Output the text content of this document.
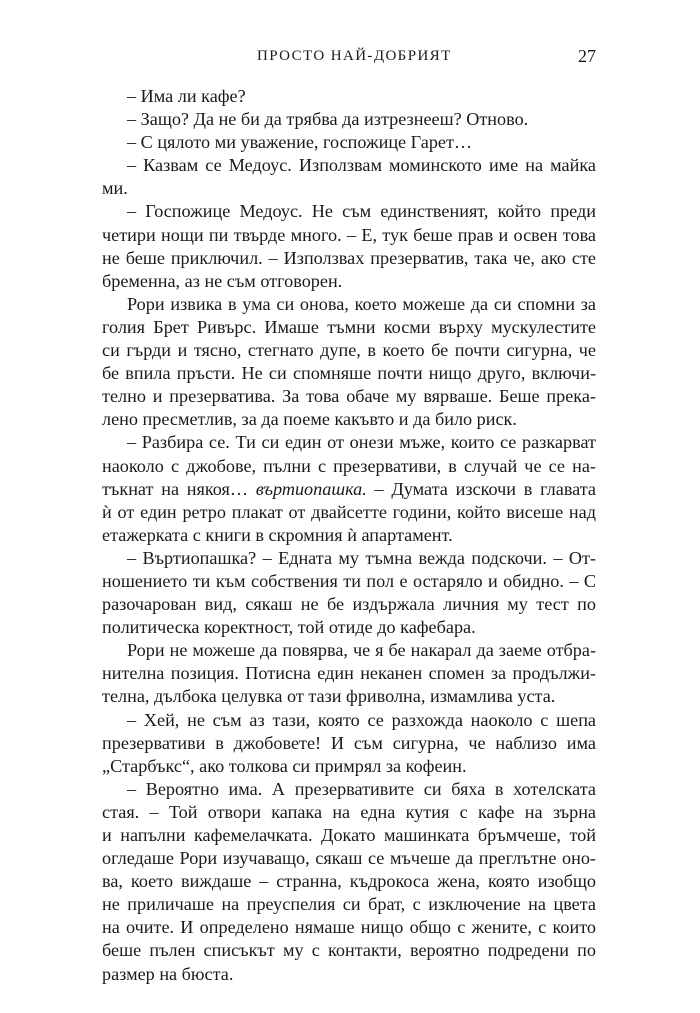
ПРОСТО НАЙ-ДОБРИЯТ	27
– Има ли кафе?
– Защо? Да не би да трябва да изтрезнееш? Отново.
– С цялото ми уважение, госпожице Гарет…
– Казвам се Медоус. Използвам моминското име на майка
ми.
– Госпожице Медоус. Не съм единственият, който преди
четири нощи пи твърде много. – Е, тук беше прав и освен това
не беше приключил. – Използвах презерватив, така че, ако сте
бременна, аз не съм отговорен.
Рори извика в ума си онова, което можеше да си спомни за
голия Брет Ривърс. Имаше тъмни косми върху мускулестите
си гърди и тясно, стегнато дупе, в което бе почти сигурна, че
бе впила пръсти. Не си спомняше почти нищо друго, включи-
телно и презерватива. За това обаче му вярваше. Беше прека-
лено пресметлив, за да поеме какъвто и да било риск.
– Разбира се. Ти си един от онези мъже, които се разкарват
наоколо с джобове, пълни с презервативи, в случай че се на-
тъкнат на някоя… въртиопашка. – Думата изскочи в главата
ѝ от един ретро плакат от двайсетте години, който висеше над
етажерката с книги в скромния ѝ апартамент.
– Въртиопашка? – Едната му тъмна вежда подскочи. – От-
ношението ти към собствения ти пол е остаряло и обидно. – С
разочарован вид, сякаш не бе издържала личния му тест по
политическа коректност, той отиде до кафебара.
Рори не можеше да повярва, че я бе накарал да заеме отбра-
нителна позиция. Потисна един неканен спомен за продължи-
телна, дълбока целувка от тази фриволна, измамлива уста.
– Хей, не съм аз тази, която се разхожда наоколо с шепа
презервативи в джобовете! И съм сигурна, че наблизо има
„Старбъкс“, ако толкова си примрял за кофеин.
– Вероятно има. А презервативите си бяха в хотелската
стая. – Той отвори капака на една кутия с кафе на зърна
и напълни кафемелачката. Докато машинката бръмчеше, той
огледаше Рори изучаващо, сякаш се мъчеше да преглътне оно-
ва, което виждаше – странна, къдрокоса жена, която изобщо
не приличаше на преуспелия си брат, с изключение на цвета
на очите. И определено нямаше нищо общо с жените, с които
беше пълен списъкът му с контакти, вероятно подредени по
размер на бюста.
